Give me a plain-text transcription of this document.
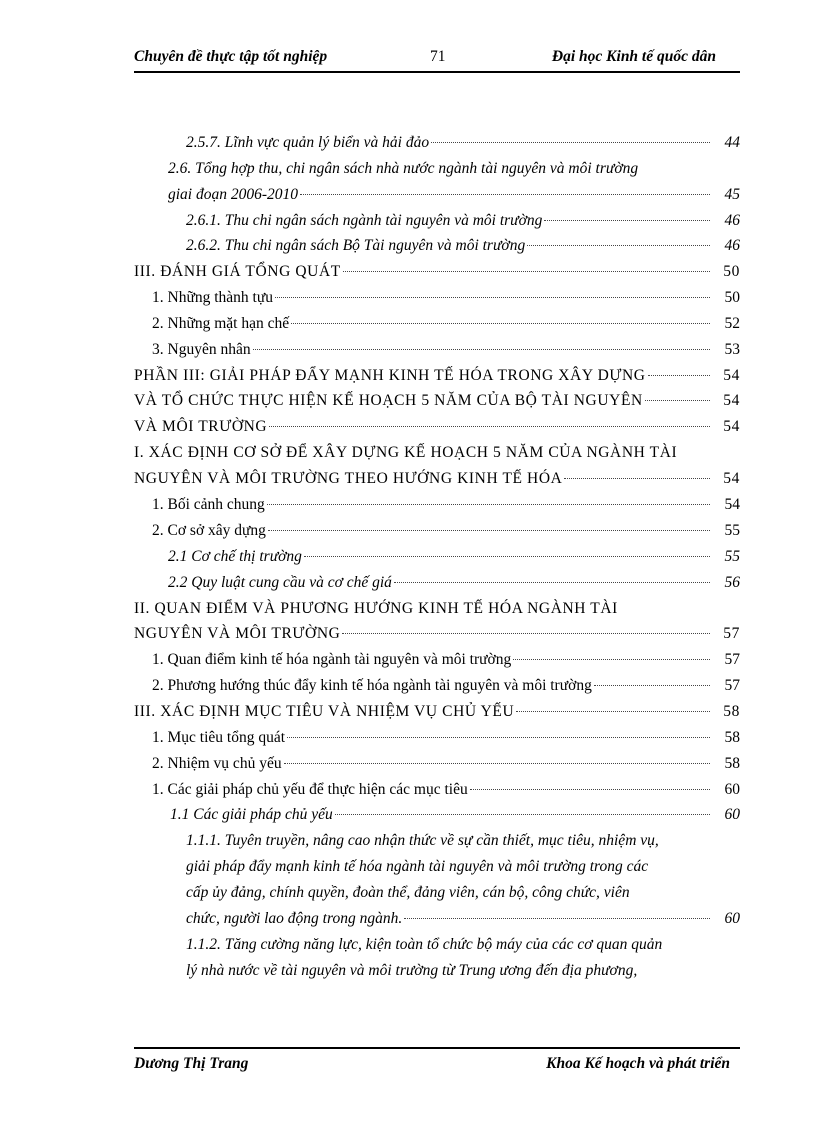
Chuyên đề thực tập tốt nghiệp	71	Đại học Kinh tế quốc dân
2.5.7. Lĩnh vực quản lý biển và hải đảo	44
2.6. Tổng hợp thu, chi ngân sách nhà nước ngành tài nguyên và môi trường
giai đoạn 2006-2010	45
2.6.1. Thu chi ngân sách ngành tài nguyên và môi trường	46
2.6.2. Thu chi ngân sách Bộ Tài nguyên và môi trường	46
III. ĐÁNH GIÁ TỔNG QUÁT	50
1. Những thành tựu	50
2. Những mặt hạn chế	52
3. Nguyên nhân	53
PHẦN III: GIẢI PHÁP ĐẨY MẠNH KINH TẾ HÓA TRONG XÂY DỰNG	54
VÀ TỔ CHỨC THỰC HIỆN KẾ HOẠCH 5 NĂM CỦA BỘ TÀI NGUYÊN	54
VÀ MÔI TRƯỜNG	54
I. XÁC ĐỊNH CƠ SỞ ĐỂ XÂY DỰNG KẾ HOẠCH 5 NĂM CỦA NGÀNH TÀI
NGUYÊN VÀ MÔI TRƯỜNG THEO HƯỚNG KINH TẾ HÓA	54
1. Bối cảnh chung	54
2. Cơ sở xây dựng	55
2.1 Cơ chế thị trường	55
2.2 Quy luật cung cầu và cơ chế giá	56
II. QUAN ĐIỂM VÀ PHƯƠNG HƯỚNG KINH TẾ HÓA NGÀNH TÀI
NGUYÊN VÀ MÔI TRƯỜNG	57
1. Quan điểm kinh tế hóa ngành tài nguyên và môi trường	57
2. Phương hướng thúc đẩy kinh tế hóa ngành tài nguyên và môi trường	57
III. XÁC ĐỊNH MỤC TIÊU VÀ NHIỆM VỤ CHỦ YẾU	58
1. Mục tiêu tổng quát	58
2. Nhiệm vụ chủ yếu	58
1. Các giải pháp chủ yếu để thực hiện các mục tiêu	60
1.1 Các giải pháp chủ yếu	60
1.1.1. Tuyên truyền, nâng cao nhận thức về sự cần thiết, mục tiêu, nhiệm vụ,
giải pháp đẩy mạnh kinh tế hóa ngành tài nguyên và môi trường trong các
cấp ủy đảng, chính quyền, đoàn thể, đảng viên, cán bộ, công chức, viên
chức, người lao động trong ngành.	60
1.1.2. Tăng cường năng lực, kiện toàn tổ chức bộ máy của các cơ quan quản
lý nhà nước về tài nguyên và môi trường từ Trung ương đến địa phương,
Dương Thị Trang	Khoa Kế hoạch và phát triển
